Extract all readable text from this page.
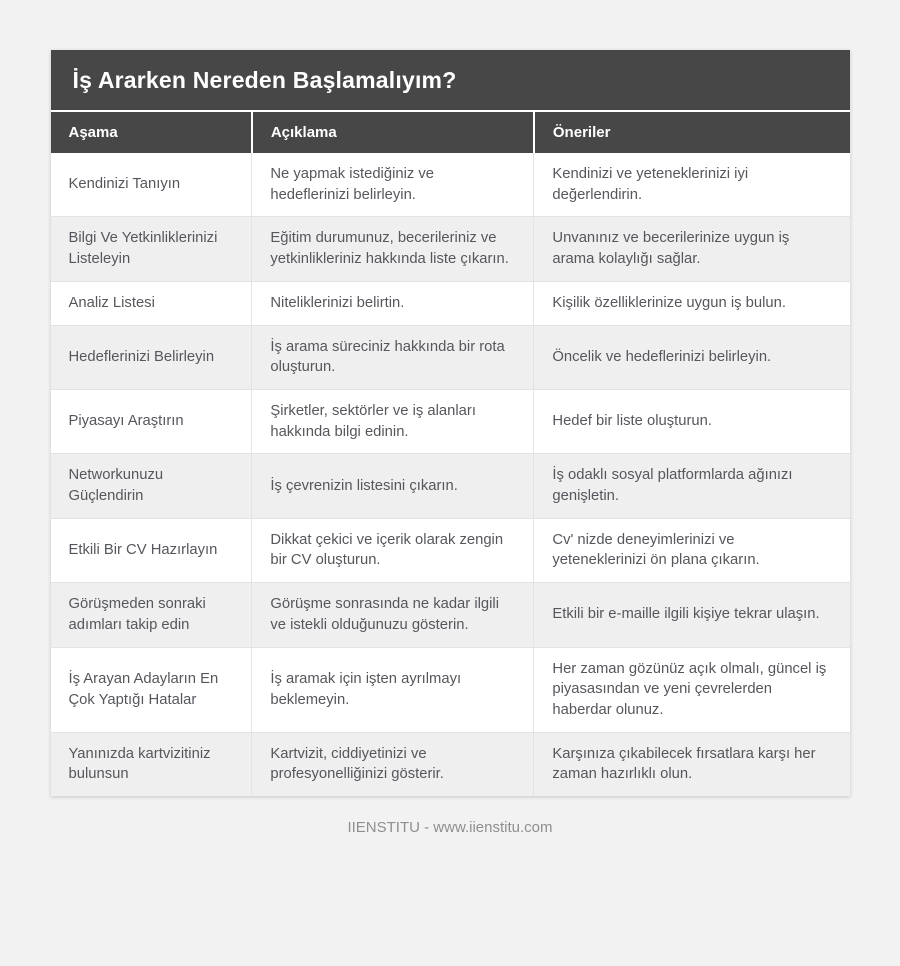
İş Ararken Nereden Başlamalıyım?
Aşama	Açıklama	Öneriler
Kendinizi Tanıyın	Ne yapmak istediğiniz ve hedeflerinizi belirleyin.	Kendinizi ve yeteneklerinizi iyi değerlendirin.
Bilgi Ve Yetkinliklerinizi Listeleyin	Eğitim durumunuz, becerileriniz ve yetkinlikleriniz hakkında liste çıkarın.	Unvanınız ve becerilerinize uygun iş arama kolaylığı sağlar.
Analiz Listesi	Niteliklerinizi belirtin.	Kişilik özelliklerinize uygun iş bulun.
Hedeflerinizi Belirleyin	İş arama süreciniz hakkında bir rota oluşturun.	Öncelik ve hedeflerinizi belirleyin.
Piyasayı Araştırın	Şirketler, sektörler ve iş alanları hakkında bilgi edinin.	Hedef bir liste oluşturun.
Networkunuzu Güçlendirin	İş çevrenizin listesini çıkarın.	İş odaklı sosyal platformlarda ağınızı genişletin.
Etkili Bir CV Hazırlayın	Dikkat çekici ve içerik olarak zengin bir CV oluşturun.	Cv' nizde deneyimlerinizi ve yeteneklerinizi ön plana çıkarın.
Görüşmeden sonraki adımları takip edin	Görüşme sonrasında ne kadar ilgili ve istekli olduğunuzu gösterin.	Etkili bir e-maille ilgili kişiye tekrar ulaşın.
İş Arayan Adayların En Çok Yaptığı Hatalar	İş aramak için işten ayrılmayı beklemeyin.	Her zaman gözünüz açık olmalı, güncel iş piyasasından ve yeni çevrelerden haberdar olunuz.
Yanınızda kartvizitiniz bulunsun	Kartvizit, ciddiyetinizi ve profesyonelliğinizi gösterir.	Karşınıza çıkabilecek fırsatlara karşı her zaman hazırlıklı olun.
IIENSTITU - www.iienstitu.com
